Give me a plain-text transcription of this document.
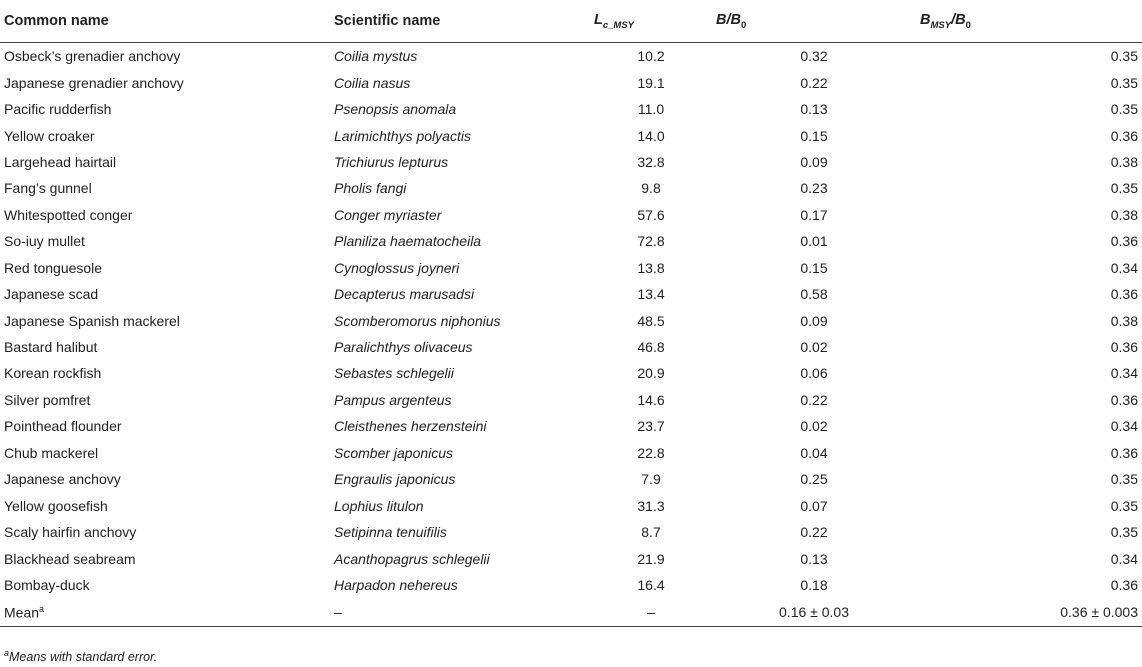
Common name	Scientific name	$L_{c\_MSY}$	$B/B_0$	$B_{MSY}/B_0$
Osbeck’s grenadier anchovy	Coilia mystus	10.2	0.32	0.35
Japanese grenadier anchovy	Coilia nasus	19.1	0.22	0.35
Pacific rudderfish	Psenopsis anomala	11.0	0.13	0.35
Yellow croaker	Larimichthys polyactis	14.0	0.15	0.36
Largehead hairtail	Trichiurus lepturus	32.8	0.09	0.38
Fang’s gunnel	Pholis fangi	9.8	0.23	0.35
Whitespotted conger	Conger myriaster	57.6	0.17	0.38
So-iuy mullet	Planiliza haematocheila	72.8	0.01	0.36
Red tonguesole	Cynoglossus joyneri	13.8	0.15	0.34
Japanese scad	Decapterus marusadsi	13.4	0.58	0.36
Japanese Spanish mackerel	Scomberomorus niphonius	48.5	0.09	0.38
Bastard halibut	Paralichthys olivaceus	46.8	0.02	0.36
Korean rockfish	Sebastes schlegelii	20.9	0.06	0.34
Silver pomfret	Pampus argenteus	14.6	0.22	0.36
Pointhead flounder	Cleisthenes herzensteini	23.7	0.02	0.34
Chub mackerel	Scomber japonicus	22.8	0.04	0.36
Japanese anchovy	Engraulis japonicus	7.9	0.25	0.35
Yellow goosefish	Lophius litulon	31.3	0.07	0.35
Scaly hairfin anchovy	Setipinna tenuifilis	8.7	0.22	0.35
Blackhead seabream	Acanthopagrus schlegelii	21.9	0.13	0.34
Bombay-duck	Harpadon nehereus	16.4	0.18	0.36
Mean$^a$	–	–	0.16 ± 0.03	0.36 ± 0.003
$^a$Means with standard error.
